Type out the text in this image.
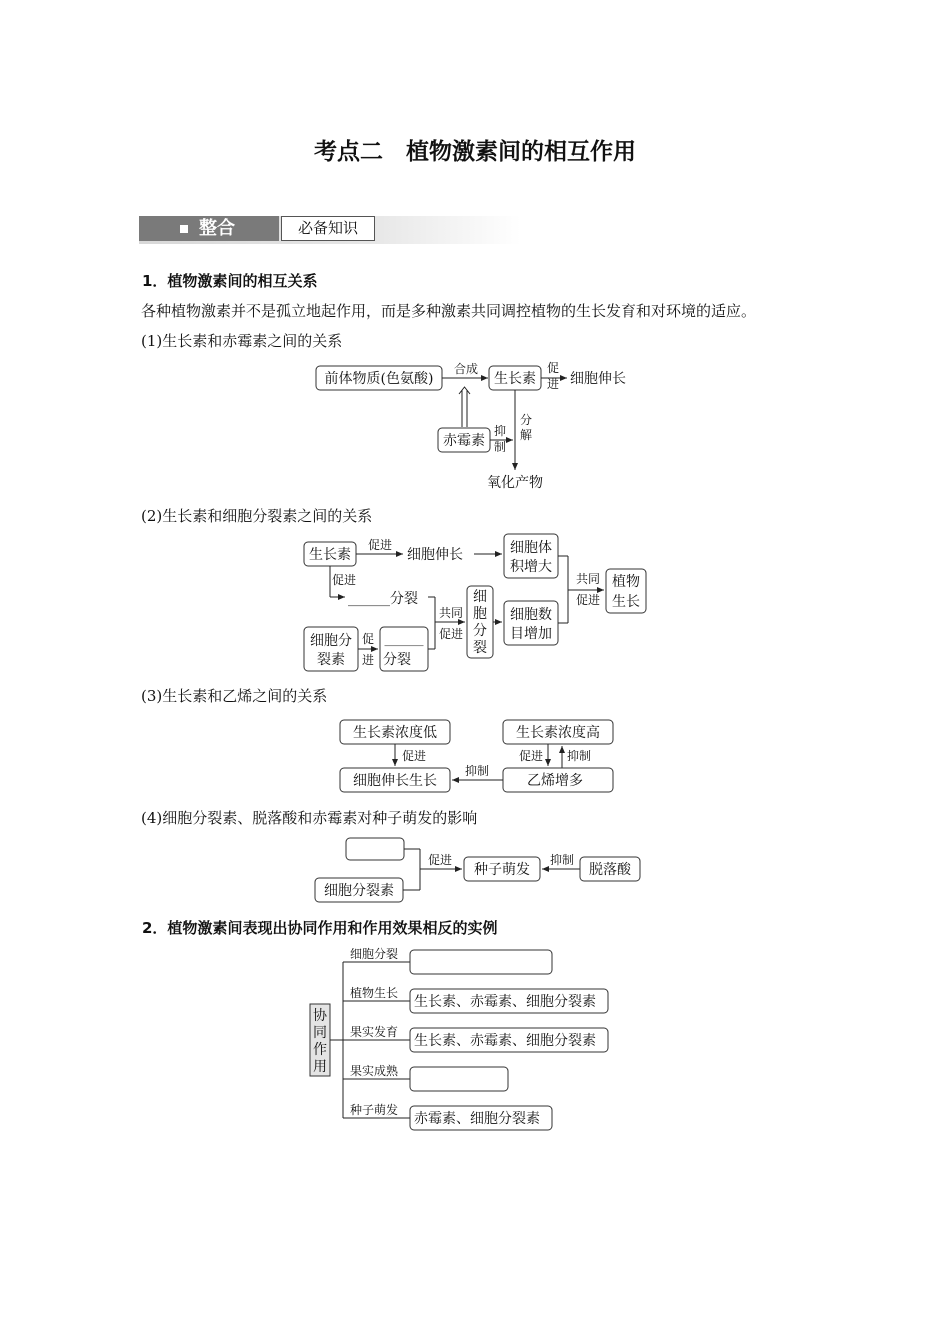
考点二　植物激素间的相互作用
整合	必备知识
1．植物激素间的相互关系
各种植物激素并不是孤立地起作用，而是多种激素共同调控植物的生长发育和对环境的适应。
(1)生长素和赤霉素之间的关系
前体物质(色氨酸)
合成
生长素
促
进 细胞伸长
赤霉素
抑
制
分
解
氧化产物
生长素
促进
细胞伸长	细胞体
积增大
促进
______分裂
细胞分
裂素
促
进
______
分裂
共同
促进
细
胞
分
裂
细胞数
目增加
共同
促进
植物
生长
生长素浓度低	生长素浓度高
促进	促进 抑制
细胞伸长生长	乙烯增多
抑制
细胞分裂素
促进
种子萌发
抑制
脱落酸
协
同
作
用
细胞分裂
植物生长
生长素、赤霉素、细胞分裂素
果实发育
生长素、赤霉素、细胞分裂素
果实成熟
种子萌发
赤霉素、细胞分裂素
(2)生长素和细胞分裂素之间的关系
(3)生长素和乙烯之间的关系
(4)细胞分裂素、脱落酸和赤霉素对种子萌发的影响
2．植物激素间表现出协同作用和作用效果相反的实例
